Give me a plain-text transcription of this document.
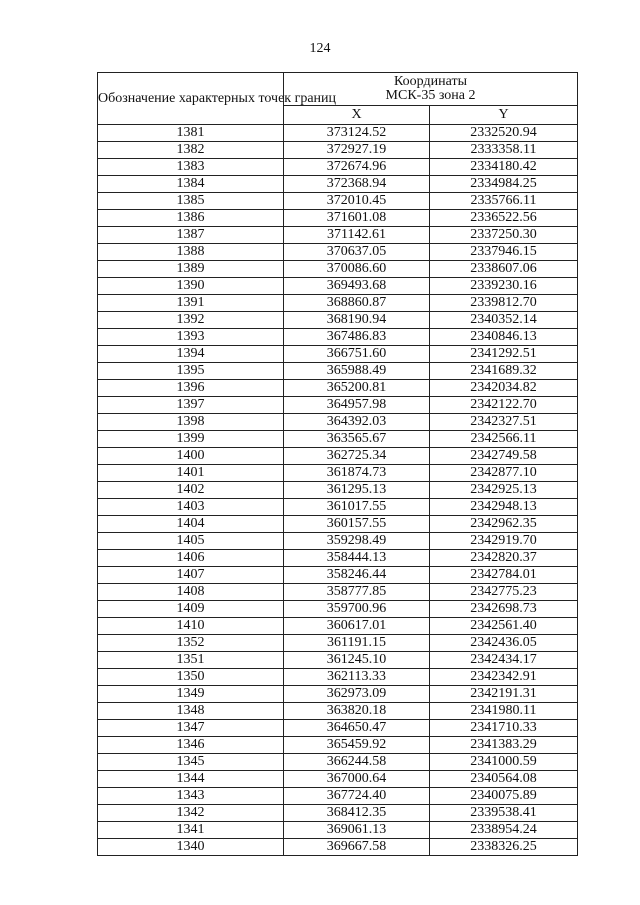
124
Обозначение характерных точек границ	Координаты
МСК-35 зона 2	
	X	Y
1381	373124.52	2332520.94
1382	372927.19	2333358.11
1383	372674.96	2334180.42
1384	372368.94	2334984.25
1385	372010.45	2335766.11
1386	371601.08	2336522.56
1387	371142.61	2337250.30
1388	370637.05	2337946.15
1389	370086.60	2338607.06
1390	369493.68	2339230.16
1391	368860.87	2339812.70
1392	368190.94	2340352.14
1393	367486.83	2340846.13
1394	366751.60	2341292.51
1395	365988.49	2341689.32
1396	365200.81	2342034.82
1397	364957.98	2342122.70
1398	364392.03	2342327.51
1399	363565.67	2342566.11
1400	362725.34	2342749.58
1401	361874.73	2342877.10
1402	361295.13	2342925.13
1403	361017.55	2342948.13
1404	360157.55	2342962.35
1405	359298.49	2342919.70
1406	358444.13	2342820.37
1407	358246.44	2342784.01
1408	358777.85	2342775.23
1409	359700.96	2342698.73
1410	360617.01	2342561.40
1352	361191.15	2342436.05
1351	361245.10	2342434.17
1350	362113.33	2342342.91
1349	362973.09	2342191.31
1348	363820.18	2341980.11
1347	364650.47	2341710.33
1346	365459.92	2341383.29
1345	366244.58	2341000.59
1344	367000.64	2340564.08
1343	367724.40	2340075.89
1342	368412.35	2339538.41
1341	369061.13	2338954.24
1340	369667.58	2338326.25
